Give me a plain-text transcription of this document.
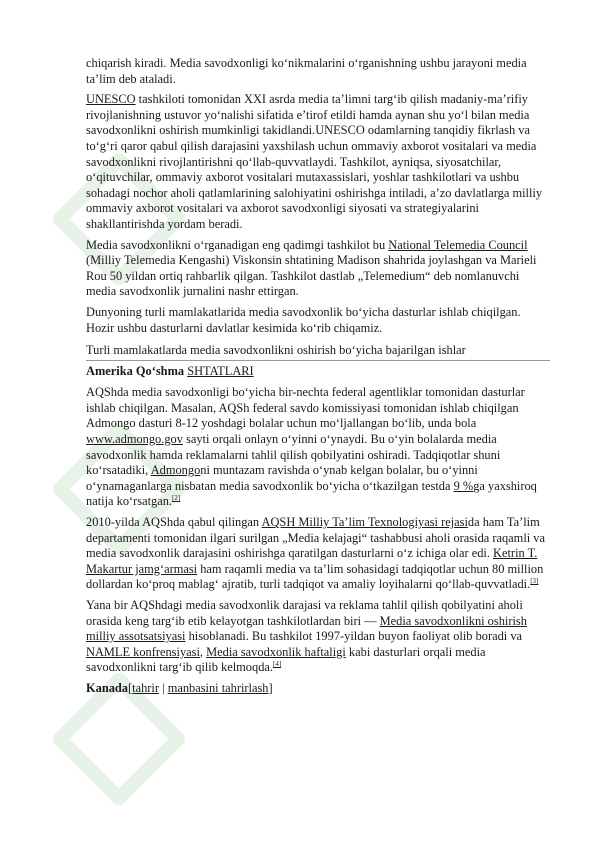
chiqarish kiradi. Media savodxonligi ko‘nikmalarini o‘rganishning ushbu jarayoni media ta’lim deb ataladi.

UNESCO tashkiloti tomonidan XXI asrda media ta’limni targ‘ib qilish madaniy-ma’rifiy rivojlanishning ustuvor yo‘nalishi sifatida e’tirof etildi hamda aynan shu yo‘l bilan media savodxonlikni oshirish mumkinligi takidlandi.UNESCO odamlarning tanqidiy fikrlash va to‘g‘ri qaror qabul qilish darajasini yaxshilash uchun ommaviy axborot vositalari va media savodxonlikni rivojlantirishni qo‘llab-quvvatlaydi. Tashkilot, ayniqsa, siyosatchilar, o‘qituvchilar, ommaviy axborot vositalari mutaxassislari, yoshlar tashkilotlari va ushbu sohadagi nochor aholi qatlamlarining salohiyatini oshirishga intiladi, a’zo davlatlarga milliy ommaviy axborot vositalari va axborot savodxonligi siyosati va strategiyalarini shakllantirishda yordam beradi.

Media savodxonlikni o‘rganadigan eng qadimgi tashkilot bu National Telemedia Council (Milliy Telemedia Kengashi) Viskonsin shtatining Madison shahrida joylashgan va Marieli Rou 50 yildan ortiq rahbarlik qilgan. Tashkilot dastlab „Telemedium“ deb nomlanuvchi media savodxonlik jurnalini nashr ettirgan.

Dunyoning turli mamlakatlarida media savodxonlik bo‘yicha dasturlar ishlab chiqilgan. Hozir ushbu dasturlarni davlatlar kesimida ko‘rib chiqamiz.

Turli mamlakatlarda media savodxonlikni oshirish bo‘yicha bajarilgan ishlar
Amerika Qo‘shma SHTATLARI

AQShda media savodxonligi bo‘yicha bir-nechta federal agentliklar tomonidan dasturlar ishlab chiqilgan. Masalan, AQSh federal savdo komissiyasi tomonidan ishlab chiqilgan Admongo dasturi 8-12 yoshdagi bolalar uchun mo‘ljallangan bo‘lib, unda bola www.admongo.gov sayti orqali onlayn o‘yinni o‘ynaydi. Bu o‘yin bolalarda media savodxonlik hamda reklamalarni tahlil qilish qobilyatini oshiradi. Tadqiqotlar shuni ko‘rsatadiki, Admongoni muntazam ravishda o‘ynab kelgan bolalar, bu o‘yinni o‘ynamaganlarga nisbatan media savodxonlik bo‘yicha o‘tkazilgan testda 9 %ga yaxshiroq natija ko‘rsatgan.[2]

2010-yilda AQShda qabul qilingan AQSH Milliy Ta’lim Texnologiyasi rejasida ham Ta’lim departamenti tomonidan ilgari surilgan „Media kelajagi“ tashabbusi aholi orasida raqamli va media savodxonlik darajasini oshirishga qaratilgan dasturlarni o‘z ichiga olar edi. Ketrin T. Makartur jamg‘armasi ham raqamli media va ta’lim sohasidagi tadqiqotlar uchun 80 million dollardan ko‘proq mablag‘ ajratib, turli tadqiqot va amaliy loyihalarni qo‘llab-quvvatladi.[3]

Yana bir AQShdagi media savodxonlik darajasi va reklama tahlil qilish qobilyatini aholi orasida keng targ‘ib etib kelayotgan tashkilotlardan biri — Media savodxonlikni oshirish milliy assotsatsiyasi hisoblanadi. Bu tashkilot 1997-yildan buyon faoliyat olib boradi va NAMLE konfrensiyasi, Media savodxonlik haftaligi kabi dasturlari orqali media savodxonlikni targ‘ib qilib kelmoqda.[4]

Kanada[tahrir | manbasini tahrirlash]
